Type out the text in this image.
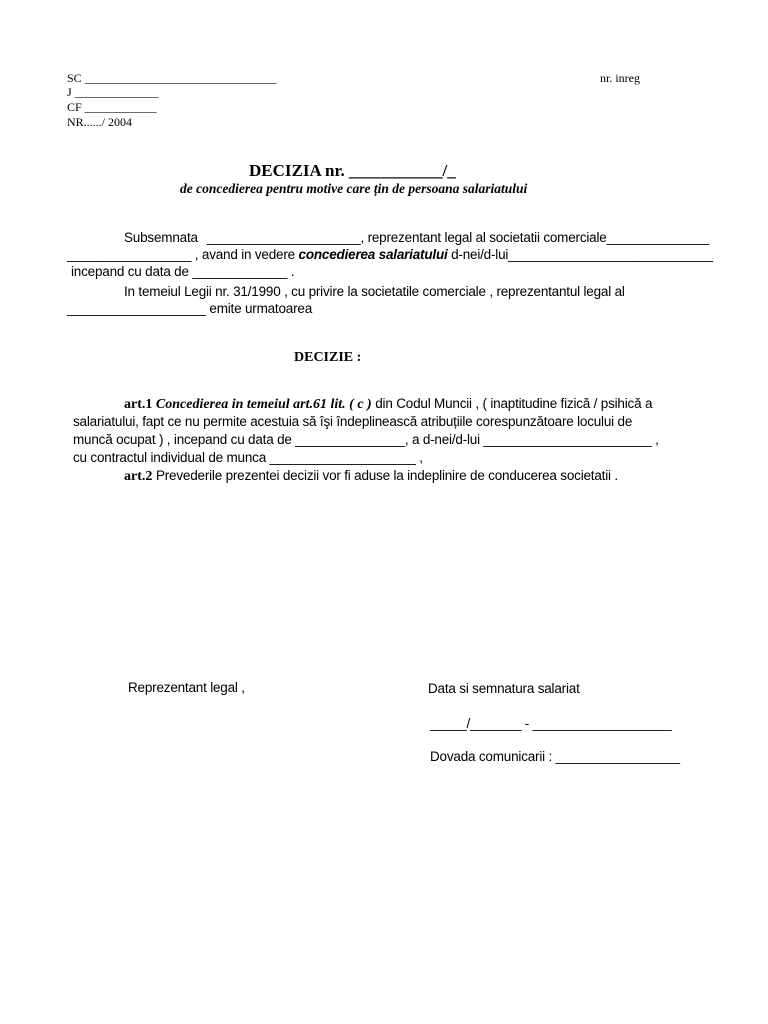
SC ________________________________
J ______________
CF ____________
NR....../ 2004
nr. inreg
DECIZIA nr. ___________/_
de concedierea pentru motive care țin de persoana salariatului
Subsemnata _____________________, reprezentant legal al societatii comerciale______________
_________________ , avand in vedere concedierea salariatului d-nei/d-lui____________________________
incepand cu data de _____________ .
In temeiul Legii nr. 31/1990 , cu privire la societatile comerciale , reprezentantul legal al
___________________ emite urmatoarea
DECIZIE :
art.1 Concedierea in temeiul art.61 lit. ( c ) din Codul Muncii , ( inaptitudine fizică / psihică a
salariatului, fapt ce nu permite acestuia să îşi îndeplinească atribuțiile corespunzătoare locului de
muncă ocupat ) , incepand cu data de _______________, a d-nei/d-lui _______________________ ,
cu contractul individual de munca ____________________ ,
art.2 Prevederile prezentei decizii vor fi aduse la indeplinire de conducerea societatii .
Reprezentant legal ,	Data si semnatura salariat
_____/_______ - ___________________
Dovada comunicarii : _________________
